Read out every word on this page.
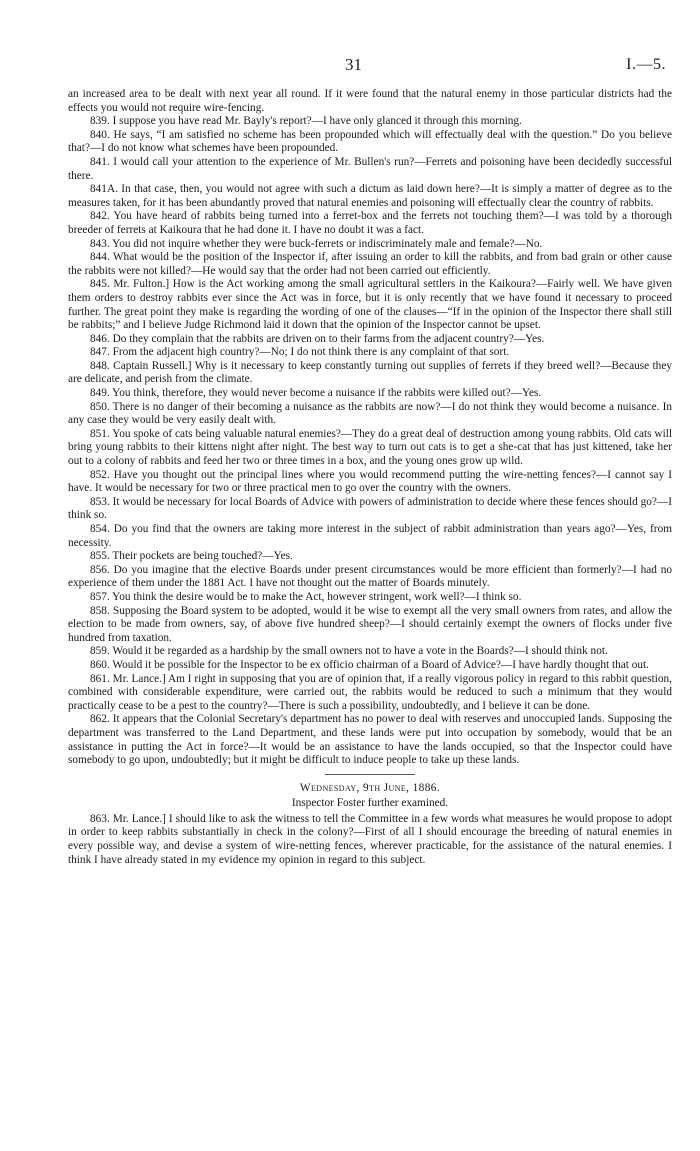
31	I.—5.

an increased area to be dealt with next year all round. If it were found that the natural enemy in those particular districts had the effects you would not require wire-fencing.

839. I suppose you have read Mr. Bayly's report?—I have only glanced it through this morning.

840. He says, “I am satisfied no scheme has been propounded which will effectually deal with the question.” Do you believe that?—I do not know what schemes have been propounded.

841. I would call your attention to the experience of Mr. Bullen's run?—Ferrets and poisoning have been decidedly successful there.

841A. In that case, then, you would not agree with such a dictum as laid down here?—It is simply a matter of degree as to the measures taken, for it has been abundantly proved that natural enemies and poisoning will effectually clear the country of rabbits.

842. You have heard of rabbits being turned into a ferret-box and the ferrets not touching them?—I was told by a thorough breeder of ferrets at Kaikoura that he had done it. I have no doubt it was a fact.

843. You did not inquire whether they were buck-ferrets or indiscriminately male and female?—No.

844. What would be the position of the Inspector if, after issuing an order to kill the rabbits, and from bad grain or other cause the rabbits were not killed?—He would say that the order had not been carried out efficiently.

845. Mr. Fulton.] How is the Act working among the small agricultural settlers in the Kaikoura?—Fairly well. We have given them orders to destroy rabbits ever since the Act was in force, but it is only recently that we have found it necessary to proceed further. The great point they make is regarding the wording of one of the clauses—“If in the opinion of the Inspector there shall still be rabbits;” and I believe Judge Richmond laid it down that the opinion of the Inspector cannot be upset.

846. Do they complain that the rabbits are driven on to their farms from the adjacent country?—Yes.

847. From the adjacent high country?—No; I do not think there is any complaint of that sort.

848. Captain Russell.] Why is it necessary to keep constantly turning out supplies of ferrets if they breed well?—Because they are delicate, and perish from the climate.

849. You think, therefore, they would never become a nuisance if the rabbits were killed out?—Yes.

850. There is no danger of their becoming a nuisance as the rabbits are now?—I do not think they would become a nuisance. In any case they would be very easily dealt with.

851. You spoke of cats being valuable natural enemies?—They do a great deal of destruction among young rabbits. Old cats will bring young rabbits to their kittens night after night. The best way to turn out cats is to get a she-cat that has just kittened, take her out to a colony of rabbits and feed her two or three times in a box, and the young ones grow up wild.

852. Have you thought out the principal lines where you would recommend putting the wire-netting fences?—I cannot say I have. It would be necessary for two or three practical men to go over the country with the owners.

853. It would be necessary for local Boards of Advice with powers of administration to decide where these fences should go?—I think so.

854. Do you find that the owners are taking more interest in the subject of rabbit administration than years ago?—Yes, from necessity.

855. Their pockets are being touched?—Yes.

856. Do you imagine that the elective Boards under present circumstances would be more efficient than formerly?—I had no experience of them under the 1881 Act. I have not thought out the matter of Boards minutely.

857. You think the desire would be to make the Act, however stringent, work well?—I think so.

858. Supposing the Board system to be adopted, would it be wise to exempt all the very small owners from rates, and allow the election to be made from owners, say, of above five hundred sheep?—I should certainly exempt the owners of flocks under five hundred from taxation.

859. Would it be regarded as a hardship by the small owners not to have a vote in the Boards?—I should think not.

860. Would it be possible for the Inspector to be ex officio chairman of a Board of Advice?—I have hardly thought that out.

861. Mr. Lance.] Am I right in supposing that you are of opinion that, if a really vigorous policy in regard to this rabbit question, combined with considerable expenditure, were carried out, the rabbits would be reduced to such a minimum that they would practically cease to be a pest to the country?—There is such a possibility, undoubtedly, and I believe it can be done.

862. It appears that the Colonial Secretary's department has no power to deal with reserves and unoccupied lands. Supposing the department was transferred to the Land Department, and these lands were put into occupation by somebody, would that be an assistance in putting the Act in force?—It would be an assistance to have the lands occupied, so that the Inspector could have somebody to go upon, undoubtedly; but it might be difficult to induce people to take up these lands.

Wednesday, 9th June, 1886.
Inspector Foster further examined.

863. Mr. Lance.] I should like to ask the witness to tell the Committee in a few words what measures he would propose to adopt in order to keep rabbits substantially in check in the colony?—First of all I should encourage the breeding of natural enemies in every possible way, and devise a system of wire-netting fences, wherever practicable, for the assistance of the natural enemies. I think I have already stated in my evidence my opinion in regard to this subject.
